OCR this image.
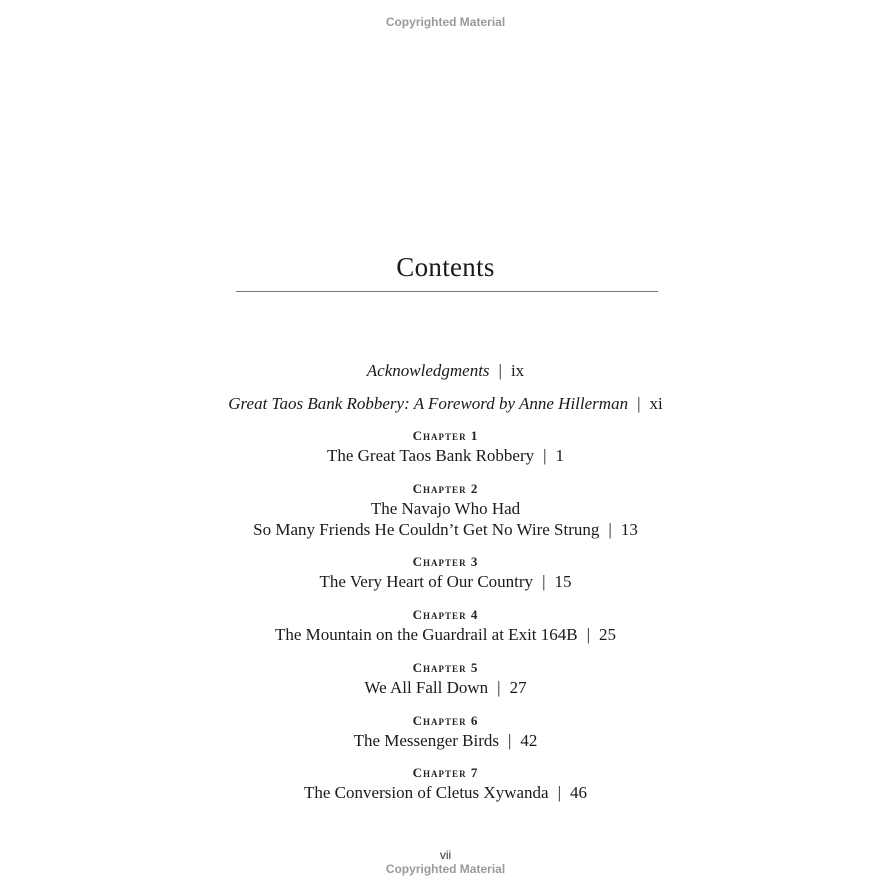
Copyrighted Material
Contents
Acknowledgments | ix
Great Taos Bank Robbery: A Foreword by Anne Hillerman | xi
Chapter 1
The Great Taos Bank Robbery | 1
Chapter 2
The Navajo Who Had
So Many Friends He Couldn’t Get No Wire Strung | 13
Chapter 3
The Very Heart of Our Country | 15
Chapter 4
The Mountain on the Guardrail at Exit 164B | 25
Chapter 5
We All Fall Down | 27
Chapter 6
The Messenger Birds | 42
Chapter 7
The Conversion of Cletus Xywanda | 46
vii
Copyrighted Material
